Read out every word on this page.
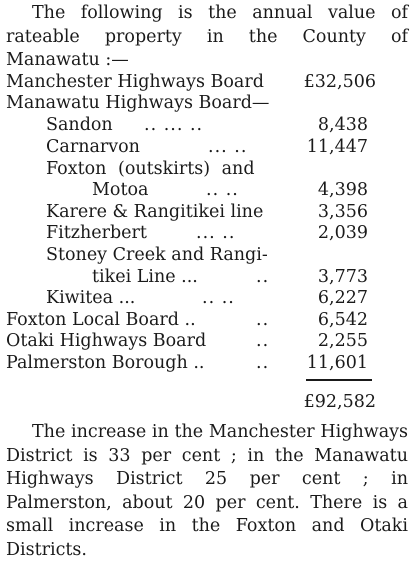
The following is the annual value of rateable property in the County of Manawatu :—

Manchester Highways Board £32,506
Manawatu Highways Board—
Sandon .. ... ..	8,438
Carnarvon	... ..	11,447
Foxton (outskirts) and
Motoa	.. ..	4,398
Karere & Rangitikei line	3,356
Fitzherbert	... ..	2,039
Stoney Creek and Rangi-
tikei Line ...	..	3,773
Kiwitea ...	.. ..	6,227
Foxton Local Board ..	..	6,542
Otaki Highways Board	..	2,255
Palmerston Borough ..	.. 11,601
£92,582

The increase in the Manchester Highways District is 33 per cent ; in the Manawatu Highways District 25 per cent ; in Palmerston, about 20 per cent. There is a small increase in the Foxton and Otaki Districts.
